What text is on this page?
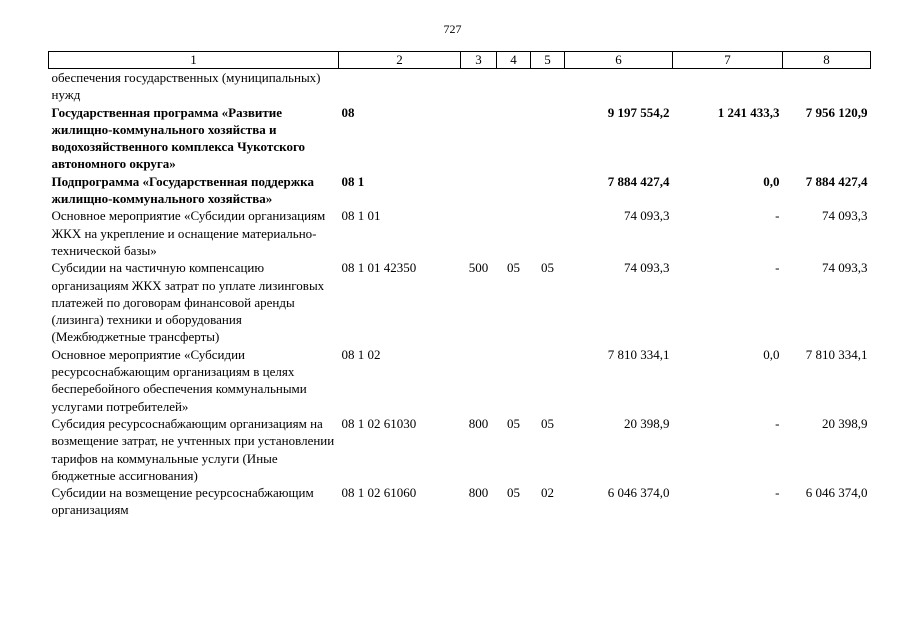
727
1	2	3	4	5	6	7	8
обеспечения государственных (муниципальных) нужд							
Государственная программа «Развитие жилищно-коммунального хозяйства и водохозяйственного комплекса Чукотского автономного округа»	08				9 197 554,2	1 241 433,3	7 956 120,9
Подпрограмма «Государственная поддержка жилищно-коммунального хозяйства»	08 1				7 884 427,4	0,0	7 884 427,4
Основное мероприятие «Субсидии организациям ЖКХ на укрепление и оснащение материально-технической базы»	08 1 01				74 093,3	-	74 093,3
Субсидии на частичную компенсацию организациям ЖКХ затрат по уплате лизинговых платежей по договорам финансовой аренды (лизинга) техники и оборудования (Межбюджетные трансферты)	08 1 01 42350	500	05	05	74 093,3	-	74 093,3
Основное мероприятие «Субсидии ресурсоснабжающим организациям в целях бесперебойного обеспечения коммунальными услугами потребителей»	08 1 02				7 810 334,1	0,0	7 810 334,1
Субсидия ресурсоснабжающим организациям на возмещение затрат, не учтенных при установлении тарифов на коммунальные услуги (Иные бюджетные ассигнования)	08 1 02 61030	800	05	05	20 398,9	-	20 398,9
Субсидии на возмещение ресурсоснабжающим организациям	08 1 02 61060	800	05	02	6 046 374,0	-	6 046 374,0
